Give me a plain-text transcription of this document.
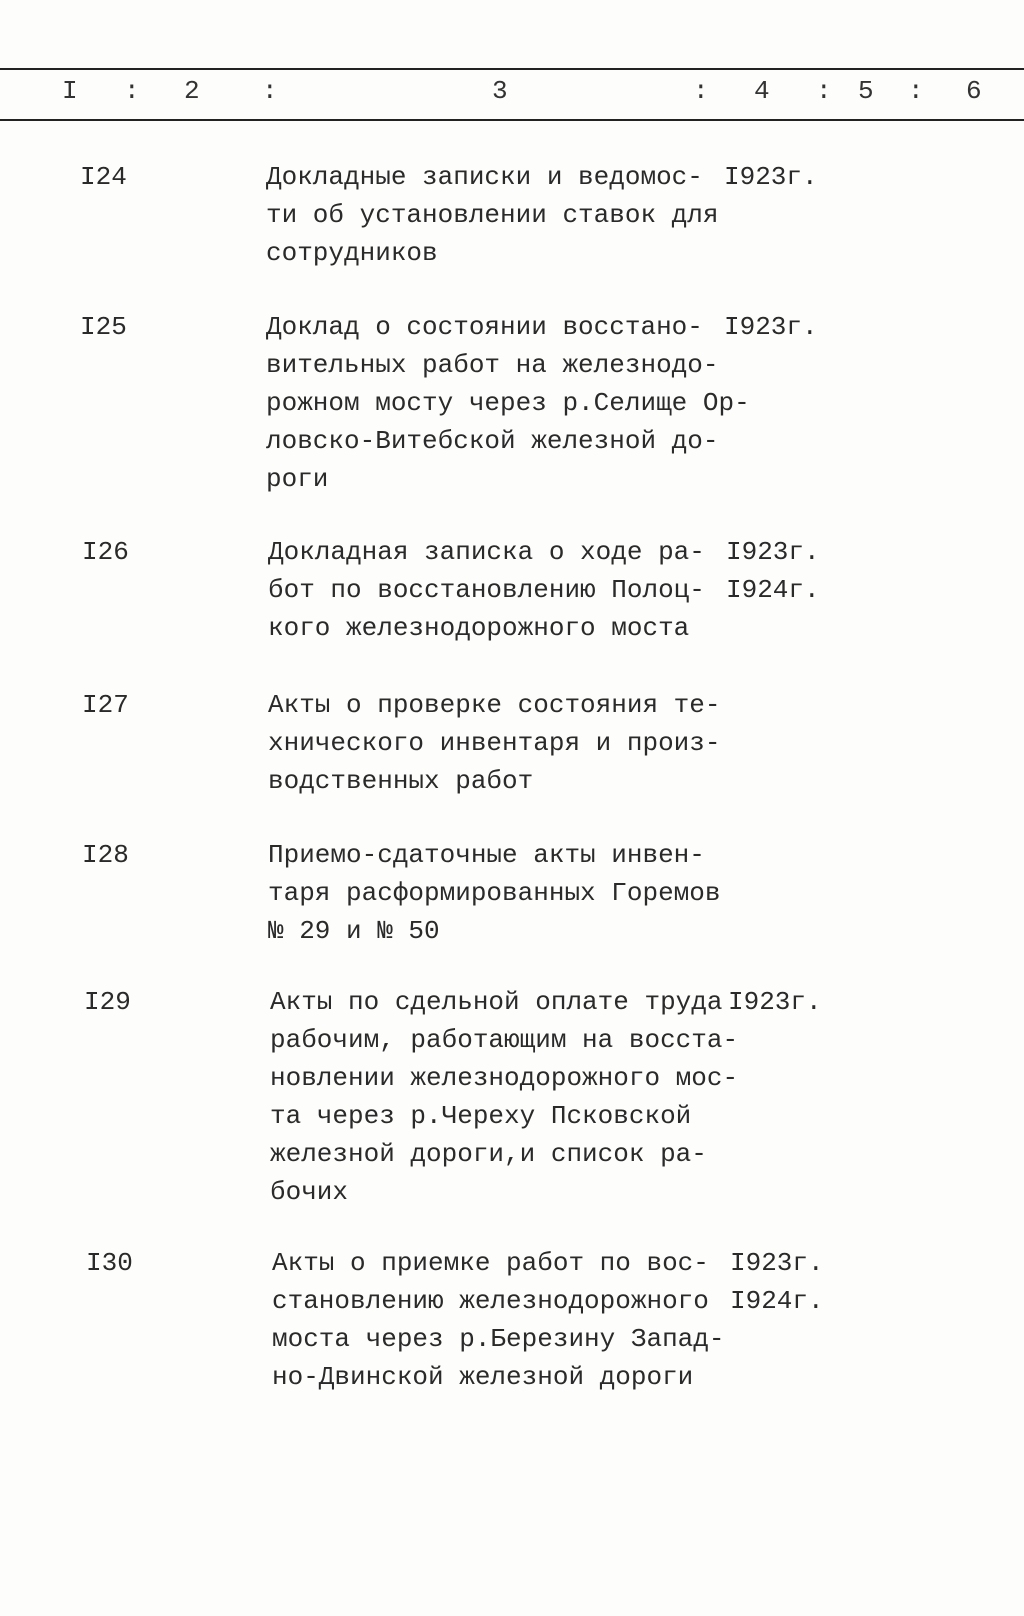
I : 2 :	3	: 4 : 5 : 6
I24	Докладные записки и ведомос-
ти об установлении ставок для
сотрудников
I923г.
I25	Доклад о состоянии восстано-
вительных работ на железнодо-
рожном мосту через р.Селище Ор-
ловско-Витебской железной до-
роги
I923г.
I26	Докладная записка о ходе ра-
бот по восстановлению Полоц-
кого железнодорожного моста
I923г.
I924г.
I27	Акты о проверке состояния те-
хнического инвентаря и произ-
водственных работ
I28	Приемо-сдаточные акты инвен-
таря расформированных Горемов
№ 29 и № 50
I29	Акты по сдельной оплате труда
рабочим, работающим на восста-
новлении железнодорожного мос-
та через р.Череху Псковской
железной дороги,и список ра-
бочих
I923г.
I30	Акты о приемке работ по вос-
становлению железнодорожного
моста через р.Березину Запад-
но-Двинской железной дороги
I923г.
I924г.
